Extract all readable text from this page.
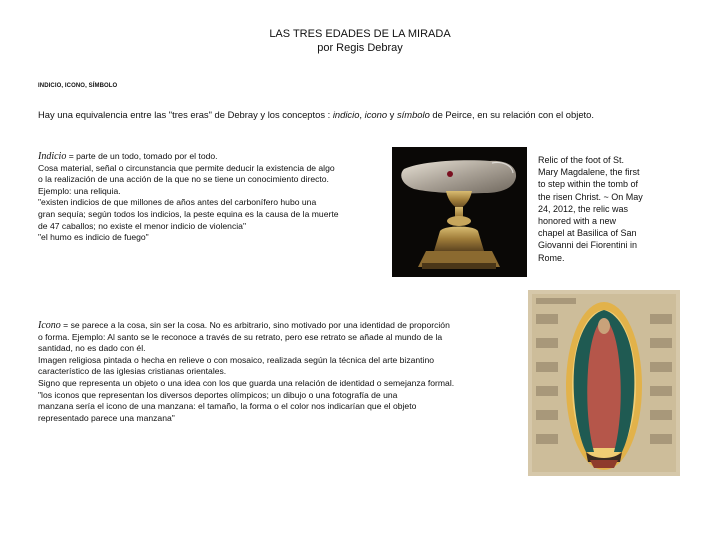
LAS TRES EDADES DE LA MIRADA
por Regis Debray
INDICIO, ICONO, SÍMBOLO
Hay una equivalencia entre las "tres eras" de Debray y los conceptos : indicio, icono y símbolo de Peirce, en su relación con el objeto.
Indicio = parte de un todo, tomado por el todo.
Cosa material, señal o circunstancia que permite deducir la existencia de algo
o la realización de una acción de la que no se tiene un conocimiento directo.
Ejemplo: una reliquia.
"existen indicios de que millones de años antes del carbonífero hubo una
gran sequía; según todos los indicios, la peste equina es la causa de la muerte
de 47 caballos; no existe el menor indicio de violencia"
"el humo es indicio de fuego"
Relic of the foot of St.
Mary Magdalene, the first
to step within the tomb of
the risen Christ. ~ On May
24, 2012, the relic was
honored with a new
chapel at Basilica of San
Giovanni dei Fiorentini in
Rome.
Icono = se parece a la cosa, sin ser la cosa. No es arbitrario, sino motivado por una identidad de proporción
o forma. Ejemplo: Al santo se le reconoce a través de su retrato, pero ese retrato se añade al mundo de la
santidad, no es dado con él.
Imagen religiosa pintada o hecha en relieve o con mosaico, realizada según la técnica del arte bizantino
característico de las iglesias cristianas orientales.
Signo que representa un objeto o una idea con los que guarda una relación de identidad o semejanza formal.
"los iconos que representan los diversos deportes olímpicos; un dibujo o una fotografía de una
manzana sería el icono de una manzana: el tamaño, la forma o el color nos indicarían que el objeto
representado parece una manzana"
